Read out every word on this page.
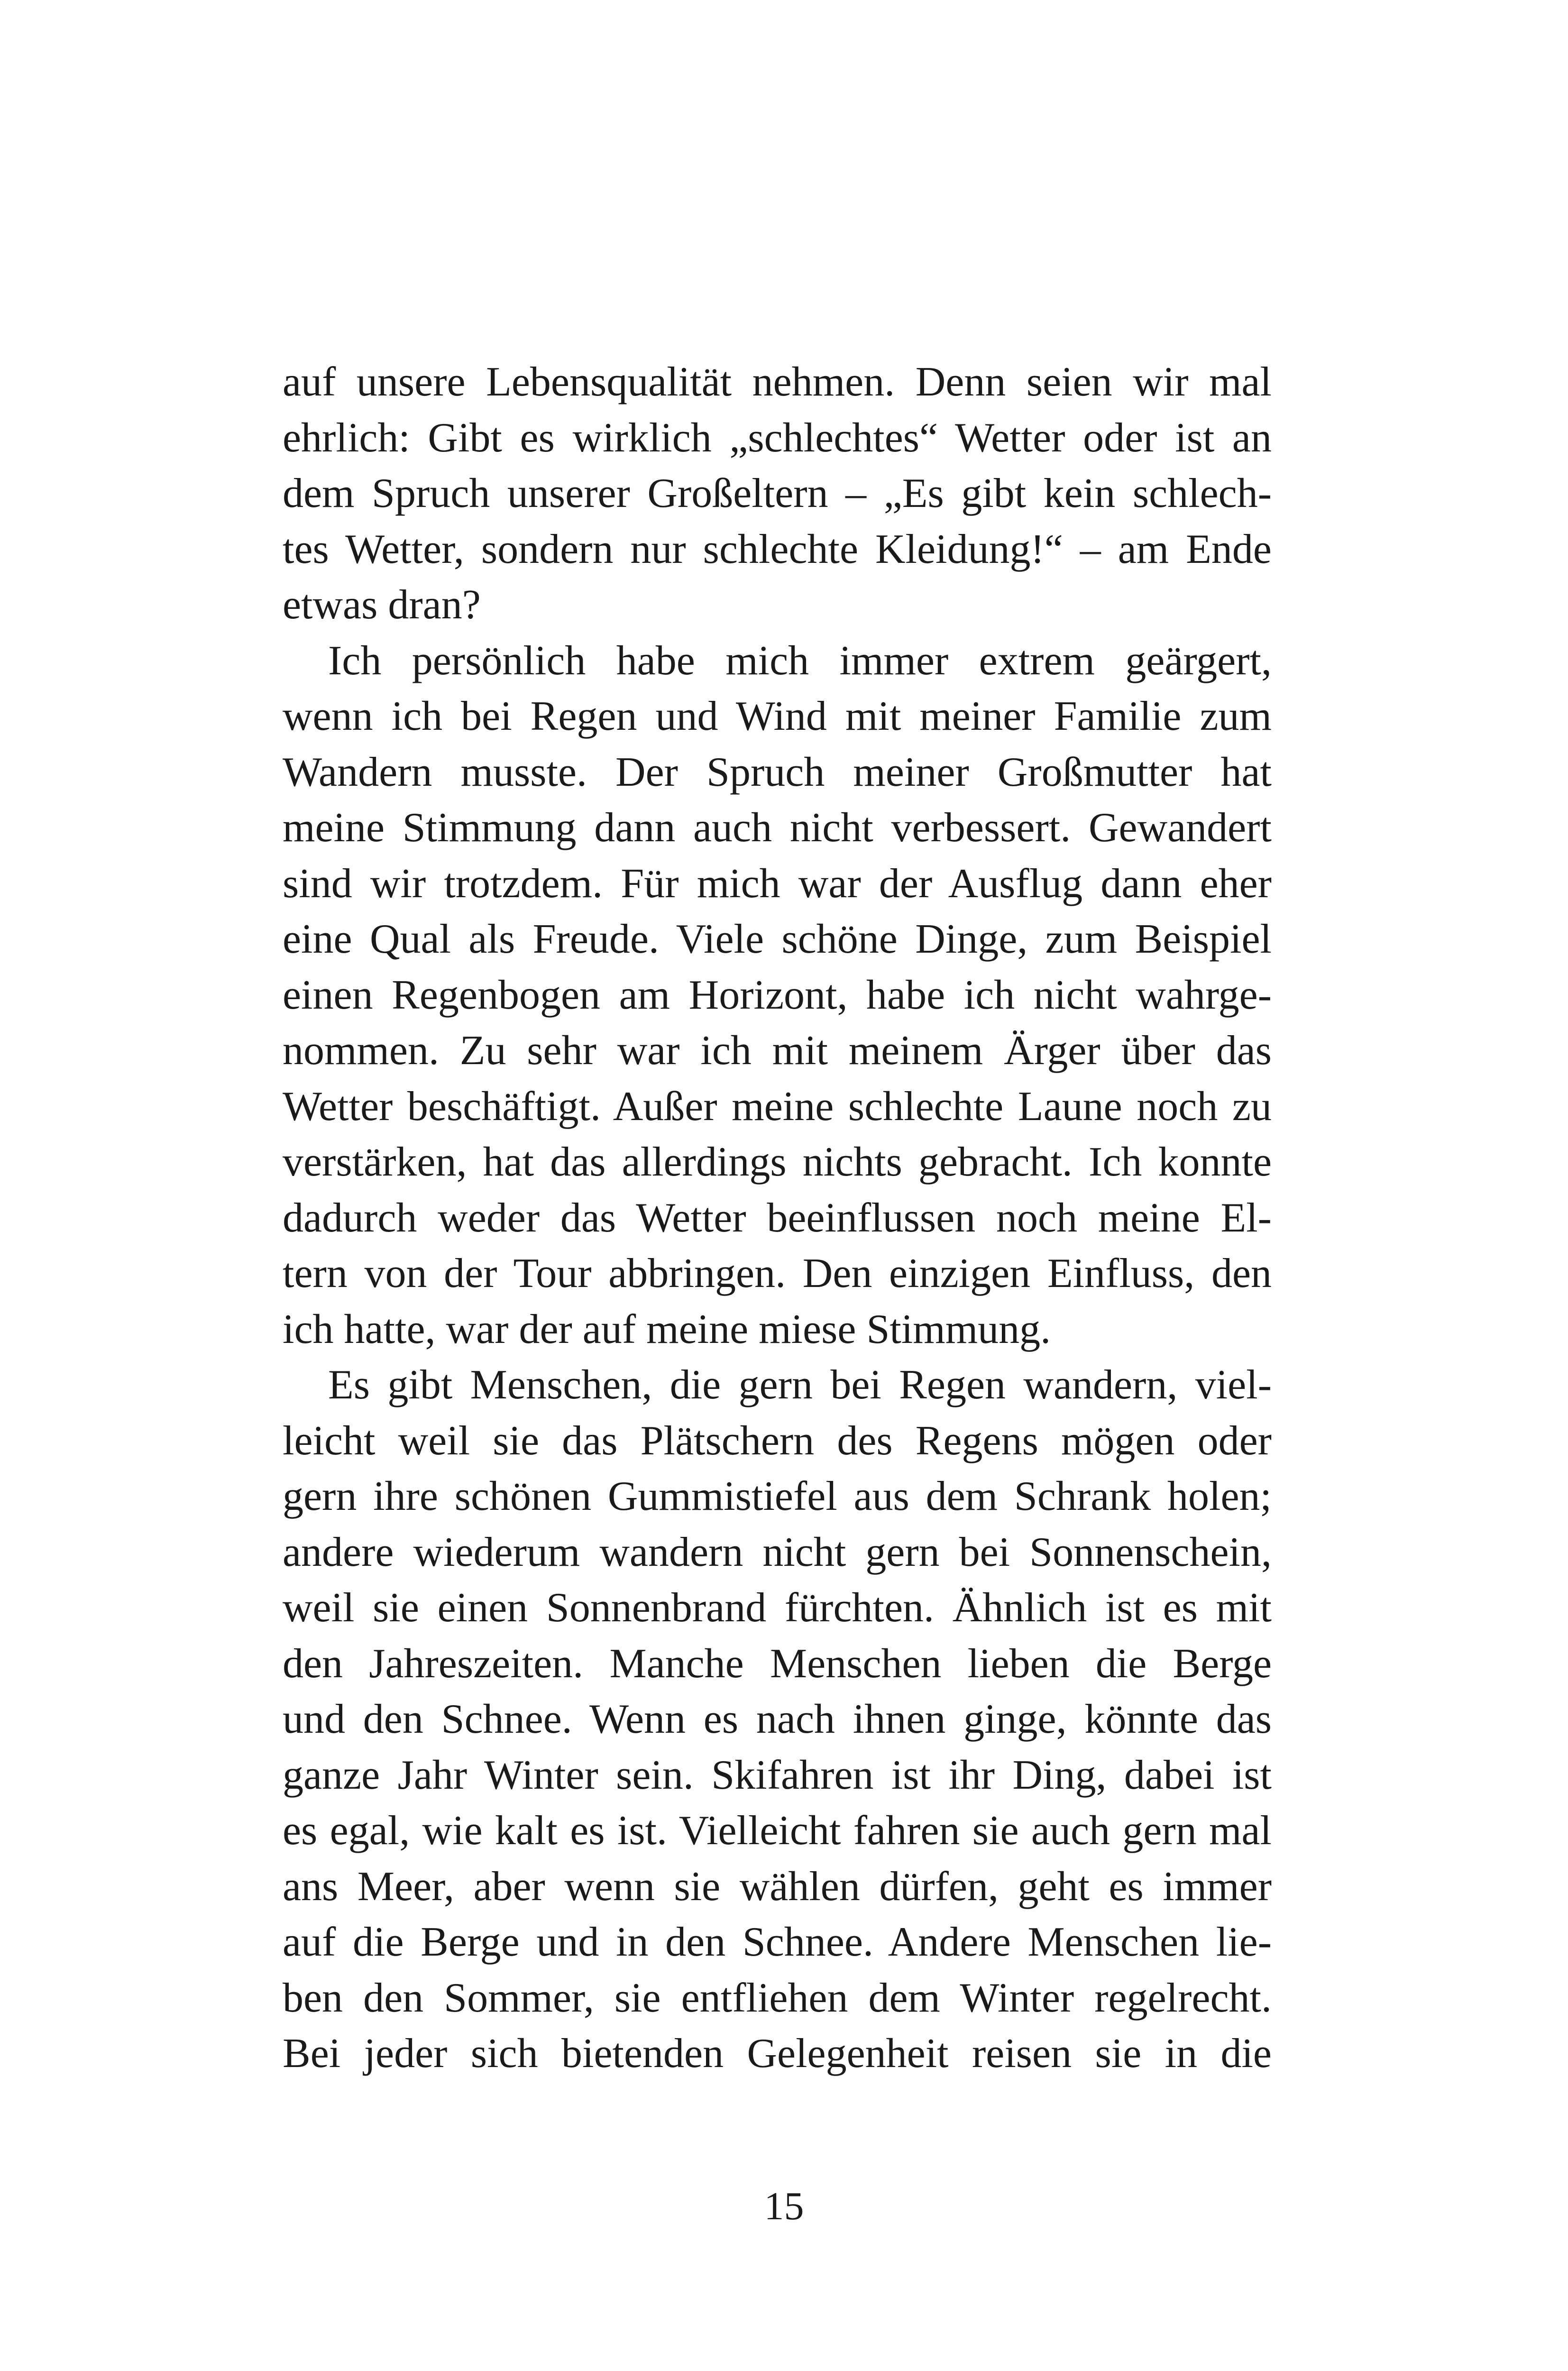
auf unsere Lebensqualität nehmen. Denn seien wir mal
ehrlich: Gibt es wirklich „schlechtes“ Wetter oder ist an
dem Spruch unserer Großeltern – „Es gibt kein schlech-
tes Wetter, sondern nur schlechte Kleidung!“ – am Ende
etwas dran?
Ich persönlich habe mich immer extrem geärgert,
wenn ich bei Regen und Wind mit meiner Familie zum
Wandern musste. Der Spruch meiner Großmutter hat
meine Stimmung dann auch nicht verbessert. Gewandert
sind wir trotzdem. Für mich war der Ausflug dann eher
eine Qual als Freude. Viele schöne Dinge, zum Beispiel
einen Regenbogen am Horizont, habe ich nicht wahrge-
nommen. Zu sehr war ich mit meinem Ärger über das
Wetter beschäftigt. Außer meine schlechte Laune noch zu
verstärken, hat das allerdings nichts gebracht. Ich konnte
dadurch weder das Wetter beeinflussen noch meine El-
tern von der Tour abbringen. Den einzigen Einfluss, den
ich hatte, war der auf meine miese Stimmung.
Es gibt Menschen, die gern bei Regen wandern, viel-
leicht weil sie das Plätschern des Regens mögen oder
gern ihre schönen Gummistiefel aus dem Schrank holen;
andere wiederum wandern nicht gern bei Sonnenschein,
weil sie einen Sonnenbrand fürchten. Ähnlich ist es mit
den Jahreszeiten. Manche Menschen lieben die Berge
und den Schnee. Wenn es nach ihnen ginge, könnte das
ganze Jahr Winter sein. Skifahren ist ihr Ding, dabei ist
es egal, wie kalt es ist. Vielleicht fahren sie auch gern mal
ans Meer, aber wenn sie wählen dürfen, geht es immer
auf die Berge und in den Schnee. Andere Menschen lie-
ben den Sommer, sie entfliehen dem Winter regelrecht.
Bei jeder sich bietenden Gelegenheit reisen sie in die
15
